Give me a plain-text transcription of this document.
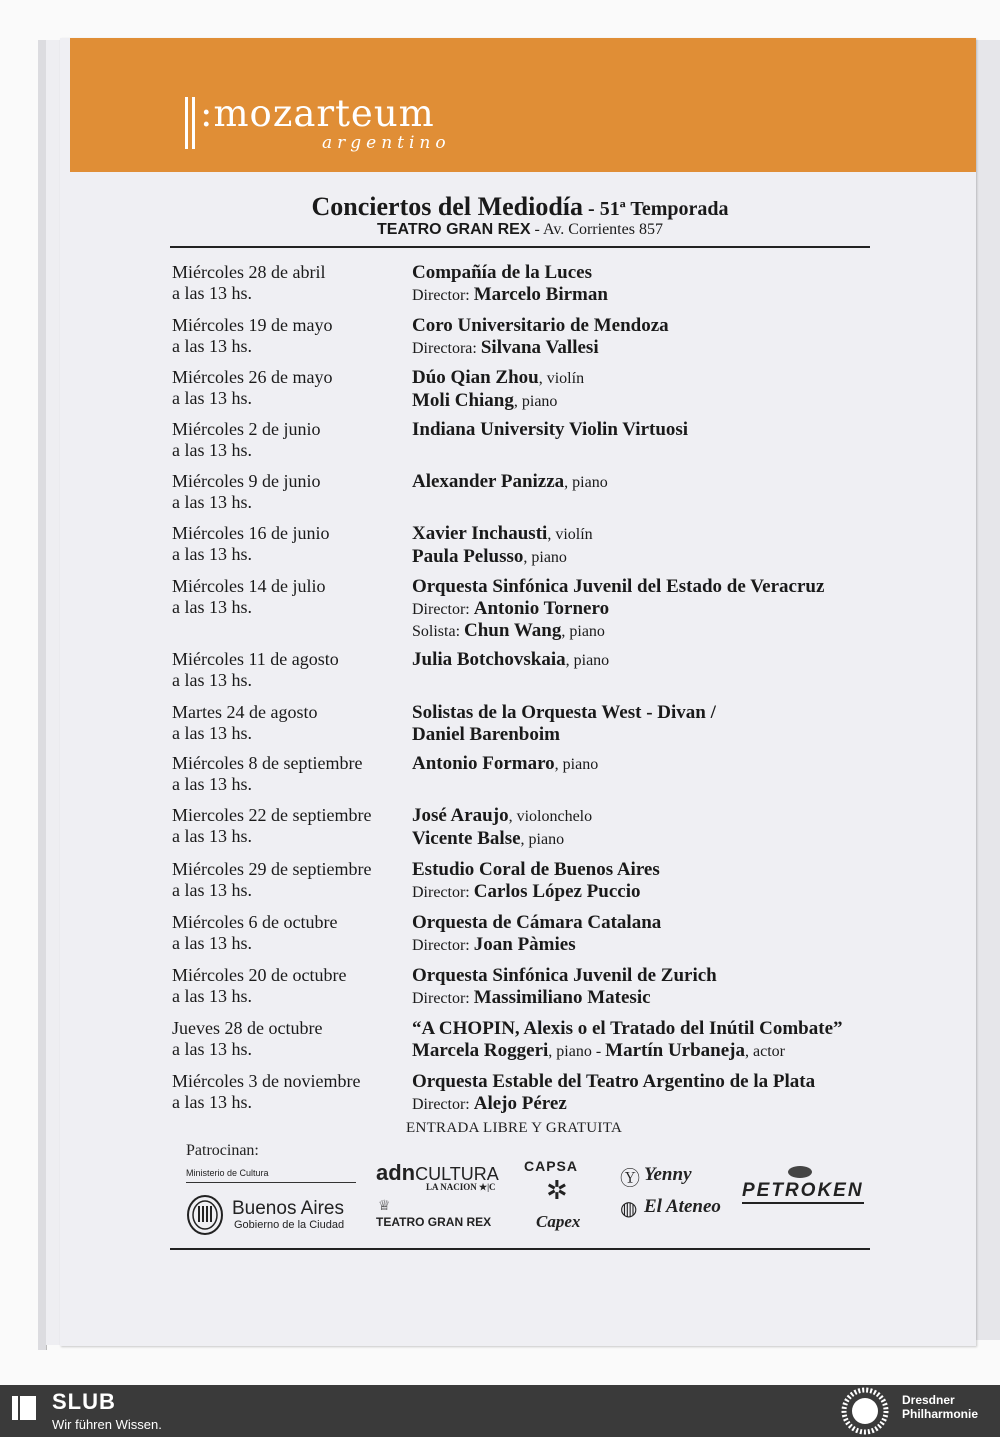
:mozarteum
argentino
Conciertos del Mediodía - 51ª Temporada
TEATRO GRAN REX - Av. Corrientes 857
Miércoles 28 de abril
a las 13 hs.
Compañía de la Luces
Director: Marcelo Birman
Miércoles 19 de mayo
a las 13 hs.
Coro Universitario de Mendoza
Directora: Silvana Vallesi
Miércoles 26 de mayo
a las 13 hs.
Dúo Qian Zhou, violín
Moli Chiang, piano
Miércoles 2 de junio
a las 13 hs.
Indiana University Violin Virtuosi
Miércoles 9 de junio
a las 13 hs.
Alexander Panizza, piano
Miércoles 16 de junio
a las 13 hs.
Xavier Inchausti, violín
Paula Pelusso, piano
Miércoles 14 de julio
a las 13 hs.
Orquesta Sinfónica Juvenil del Estado de Veracruz
Director: Antonio Tornero
Solista: Chun Wang, piano
Miércoles 11 de agosto
a las 13 hs.
Julia Botchovskaia, piano
Martes 24 de agosto
a las 13 hs.
Solistas de la Orquesta West - Divan /
Daniel Barenboim
Miércoles 8 de septiembre
a las 13 hs.
Antonio Formaro, piano
Miercoles 22 de septiembre
a las 13 hs.
José Araujo, violonchelo
Vicente Balse, piano
Miércoles 29 de septiembre
a las 13 hs.
Estudio Coral de Buenos Aires
Director: Carlos López Puccio
Miércoles 6 de octubre
a las 13 hs.
Orquesta de Cámara Catalana
Director: Joan Pàmies
Miércoles 20 de octubre
a las 13 hs.
Orquesta Sinfónica Juvenil de Zurich
Director: Massimiliano Matesic
Jueves 28 de octubre
a las 13 hs.
“A CHOPIN, Alexis o el Tratado del Inútil Combate”
Marcela Roggeri, piano - Martín Urbaneja, actor
Miércoles 3 de noviembre
a las 13 hs.
Orquesta Estable del Teatro Argentino de la Plata
Director: Alejo Pérez
ENTRADA LIBRE Y GRATUITA
Patrocinan:
Ministerio de Cultura
Buenos Aires
Gobierno de la Ciudad
adnCULTURA
LA NACION ★|C
♕
TEATRO GRAN REX
CAPSA
✲
Capex
Ⓨ Yenny
◍ El Ateneo
PETROKEN
SLUB
Wir führen Wissen.
Dresdner
Philharmonie
